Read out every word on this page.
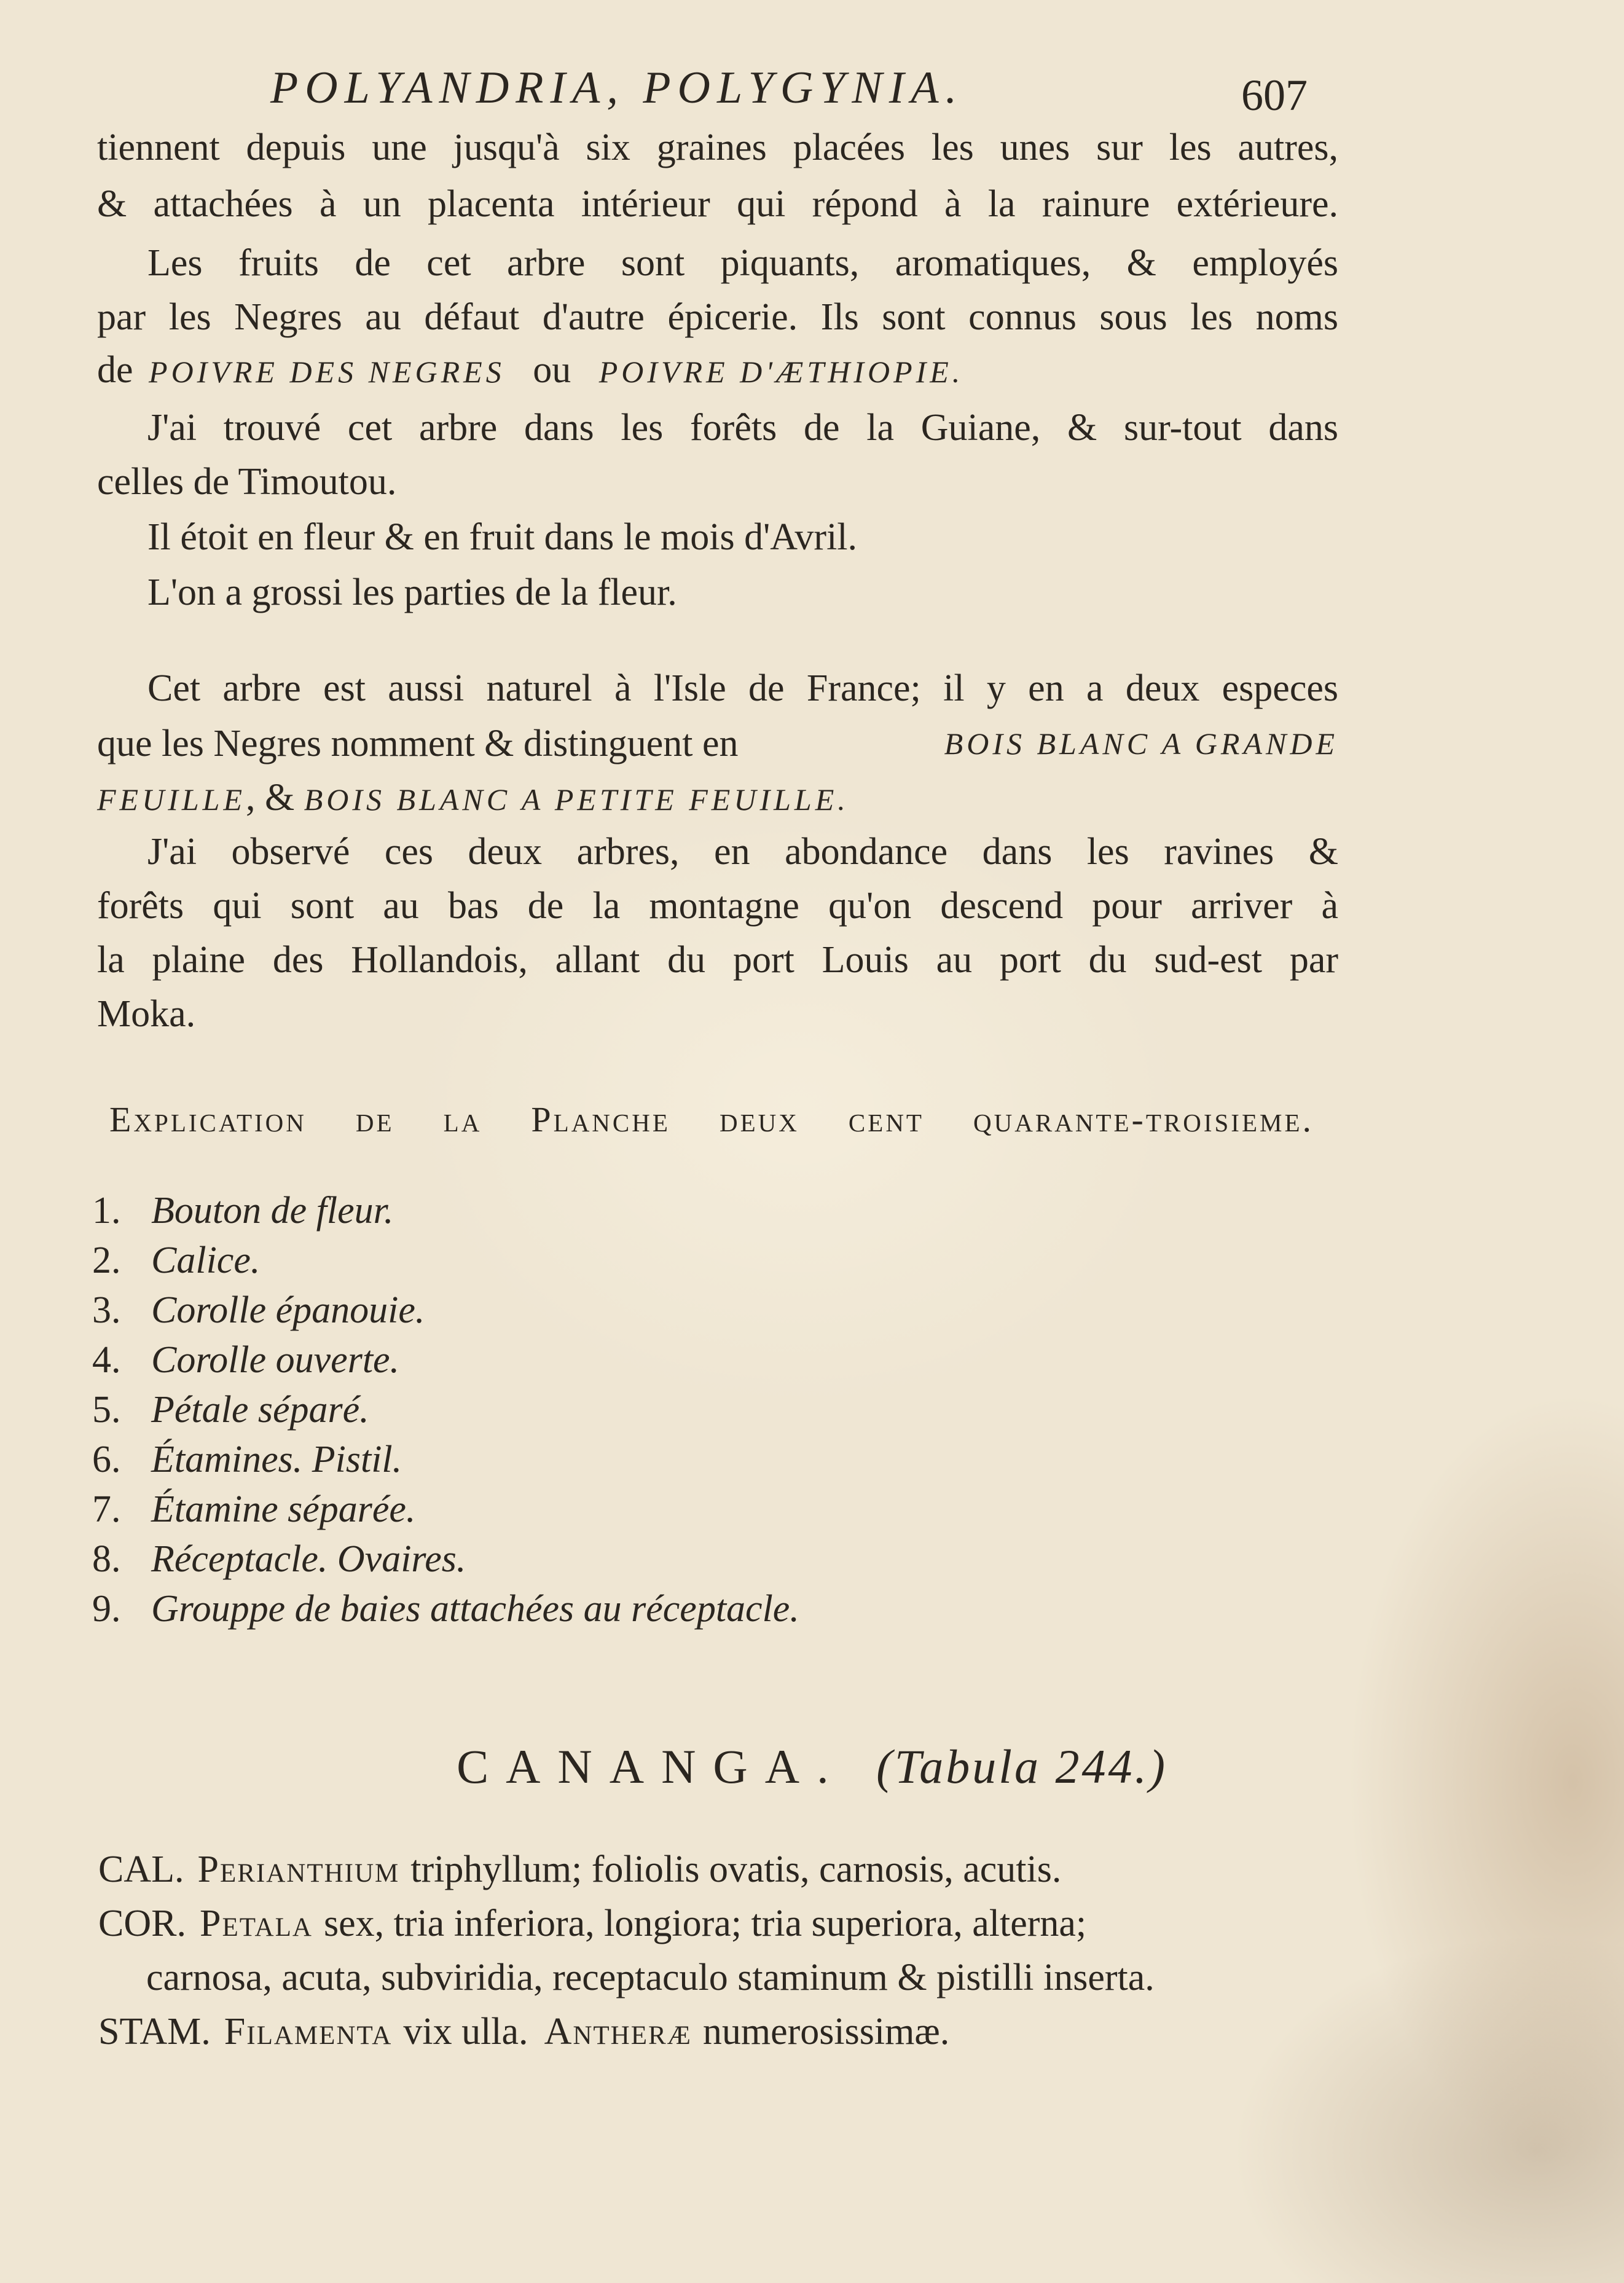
POLYANDRIA, POLYGYNIA.	607
tiennent depuis une jusqu'à six graines placées les unes sur les autres,
& attachées à un placenta intérieur qui répond à la rainure extérieure.
Les fruits de cet arbre sont piquants, aromatiques, & employés
par les Negres au défaut d'autre épicerie. Ils sont connus sous les noms
de POIVRE DES NEGRES ou POIVRE D'ÆTHIOPIE.
J'ai trouvé cet arbre dans les forêts de la Guiane, & sur-tout dans
celles de Timoutou.
Il étoit en fleur & en fruit dans le mois d'Avril.
L'on a grossi les parties de la fleur.
Cet arbre est aussi naturel à l'Isle de France; il y en a deux especes
que les Negres nomment & distinguent en	BOIS BLANC A GRANDE
FEUILLE, & BOIS BLANC A PETITE FEUILLE.
J'ai observé ces deux arbres, en abondance dans les ravines &
forêts qui sont au bas de la montagne qu'on descend pour arriver à
la plaine des Hollandois, allant du port Louis au port du sud-est par
Moka.
Explication de la Planche deux cent quarante-troisieme.
1. Bouton de fleur.
2. Calice.
3. Corolle épanouie.
4. Corolle ouverte.
5. Pétale séparé.
6. Étamines. Pistil.
7. Étamine séparée.
8. Réceptacle. Ovaires.
9. Grouppe de baies attachées au réceptacle.
CANANGA. (Tabula 244.)
CAL. Perianthium triphyllum; foliolis ovatis, carnosis, acutis.
COR. Petala sex, tria inferiora, longiora; tria superiora, alterna;
carnosa, acuta, subviridia, receptaculo staminum & pistilli inserta.
STAM. Filamenta vix ulla. Antheræ numerosissimæ.
